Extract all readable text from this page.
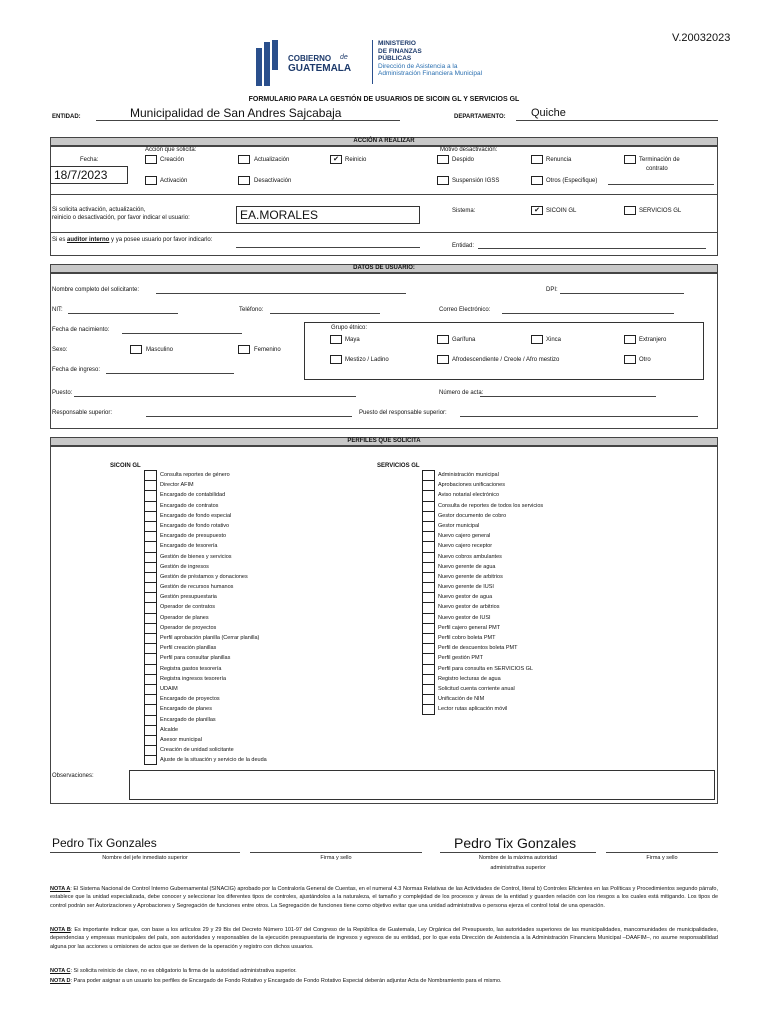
V.20032023
COBIERNO de
GUATEMALA
MINISTERIO
DE FINANZAS
PÚBLICAS
Dirección de Asistencia a la
Administración Financiera Municipal
FORMULARIO PARA LA GESTIÓN DE USUARIOS DE SICOIN GL Y SERVICIOS GL
ENTIDAD:	Municipalidad de San Andres Sajcabaja	DEPARTAMENTO: Quiche
ACCIÓN A REALIZAR
Fecha:
18/7/2023
Acción que solicita:
Creación	Actualización	✔	Reinicio
Activación	Desactivación
Motivo desactivación:
Despido	Renuncia	Terminación de
contrato
Suspensión IGSS	Otros (Especifique)
Si solicita activación, actualización,
reinicio o desactivación, por favor indicar el usuario:	EA.MORALES	Sistema:	✔	SICOIN GL	SERVICIOS GL
Si es auditor interno y ya posee usuario por favor indicarlo:
Entidad:
DATOS DE USUARIO:
Nombre completo del solicitante:	DPI:
NIT:	Teléfono:	Correo Electrónico:
Fecha de nacimiento:	Grupo étnico:
Maya	Garífuna	Xinca	Extranjero
Mestizo / Ladino	Afrodescendiente / Creole / Afro mestizo	Otro
Sexo:	Masculino	Femenino
Fecha de ingreso:
Puesto:	Número de acta:
Responsable superior:	Puesto del responsable superior:
PERFILES QUE SOLICITA
SICOIN GL	SERVICIOS GL
Consulta reportes de género
Director AFIM
Encargado de contabilidad
Encargado de contratos
Encargado de fondo especial
Encargado de fondo rotativo
Encargado de presupuesto
Encargado de tesorería
Gestión de bienes y servicios
Gestión de ingresos
Gestión de préstamos y donaciones
Gestión de recursos humanos
Gestión presupuestaria
Operador de contratos
Operador de planes
Operador de proyectos
Perfil aprobación planilla (Cerrar planilla)
Perfil creación planillas
Perfil para consultar planillas
Registra gastos tesorería
Registra ingresos tesorería
UDAIM
Encargado de proyectos
Encargado de planes
Encargado de planillas
Alcalde
Asesor municipal
Creación de unidad solicitante
Ajuste de la situación y servicio de la deuda
Administración municipal
Aprobaciones unificaciones
Aviso notarial electrónico
Consulta de reportes de todos los servicios
Gestor documento de cobro
Gestor municipal
Nuevo cajero general
Nuevo cajero receptor
Nuevo cobros ambulantes
Nuevo gerente de agua
Nuevo gerente de arbitrios
Nuevo gerente de IUSI
Nuevo gestor de agua
Nuevo gestor de arbitrios
Nuevo gestor de IUSI
Perfil cajero general PMT
Perfil cobro boleta PMT
Perfil de descuentos boleta PMT
Perfil gestión PMT
Perfil para consulta en SERVICIOS GL
Registro lecturas de agua
Solicitud cuenta corriente anual
Unificación de NIM
Lector rutas aplicación móvil
Observaciones:
Pedro Tix Gonzales
Nombre del jefe inmediato superior	Firma y sello
Pedro Tix Gonzales
Nombre de la máxima autoridad
administrativa superior
Firma y sello
NOTA A: El Sistema Nacional de Control Interno Gubernamental (SINACIG) aprobado por la Contraloría General de Cuentas, en el numeral 4.3 Normas Relativas de las Actividades de Control, literal b) Controles Eficientes en las Políticas y Procedimientos segundo párrafo, establece que la unidad especializada, debe conocer y seleccionar los diferentes tipos de controles, ajustándolos a la naturaleza, el tamaño y complejidad de los procesos y áreas de la entidad y guarden relación con los riesgos a los cuales está mitigando. Los tipos de control podrán ser Autorizaciones y Aprobaciones y Segregación de funciones entre otros. La Segregación de funciones tiene como objetivo evitar que una unidad administrativa o persona ejerza el control total de una operación.
NOTA B: Es importante indicar que, con base a los artículos 29 y 29 Bis del Decreto Número 101-97 del Congreso de la República de Guatemala, Ley Orgánica del Presupuesto, las autoridades superiores de las municipalidades, mancomunidades de municipalidades, dependencias y empresas municipales del país, son autoridades y responsables de la ejecución presupuestaria de ingresos y egresos de su entidad, por lo que esta Dirección de Asistencia a la Administración Financiera Municipal –DAAFIM–, no asume responsabilidad alguna por las acciones u omisiones de actos que se deriven de la operación y registro con dichos usuarios.
NOTA C: Si solicita reinicio de clave, no es obligatorio la firma de la autoridad administrativa superior.
NOTA D: Para poder asignar a un usuario los perfiles de Encargado de Fondo Rotativo y Encargado de Fondo Rotativo Especial deberán adjuntar Acta de Nombramiento para el mismo.
